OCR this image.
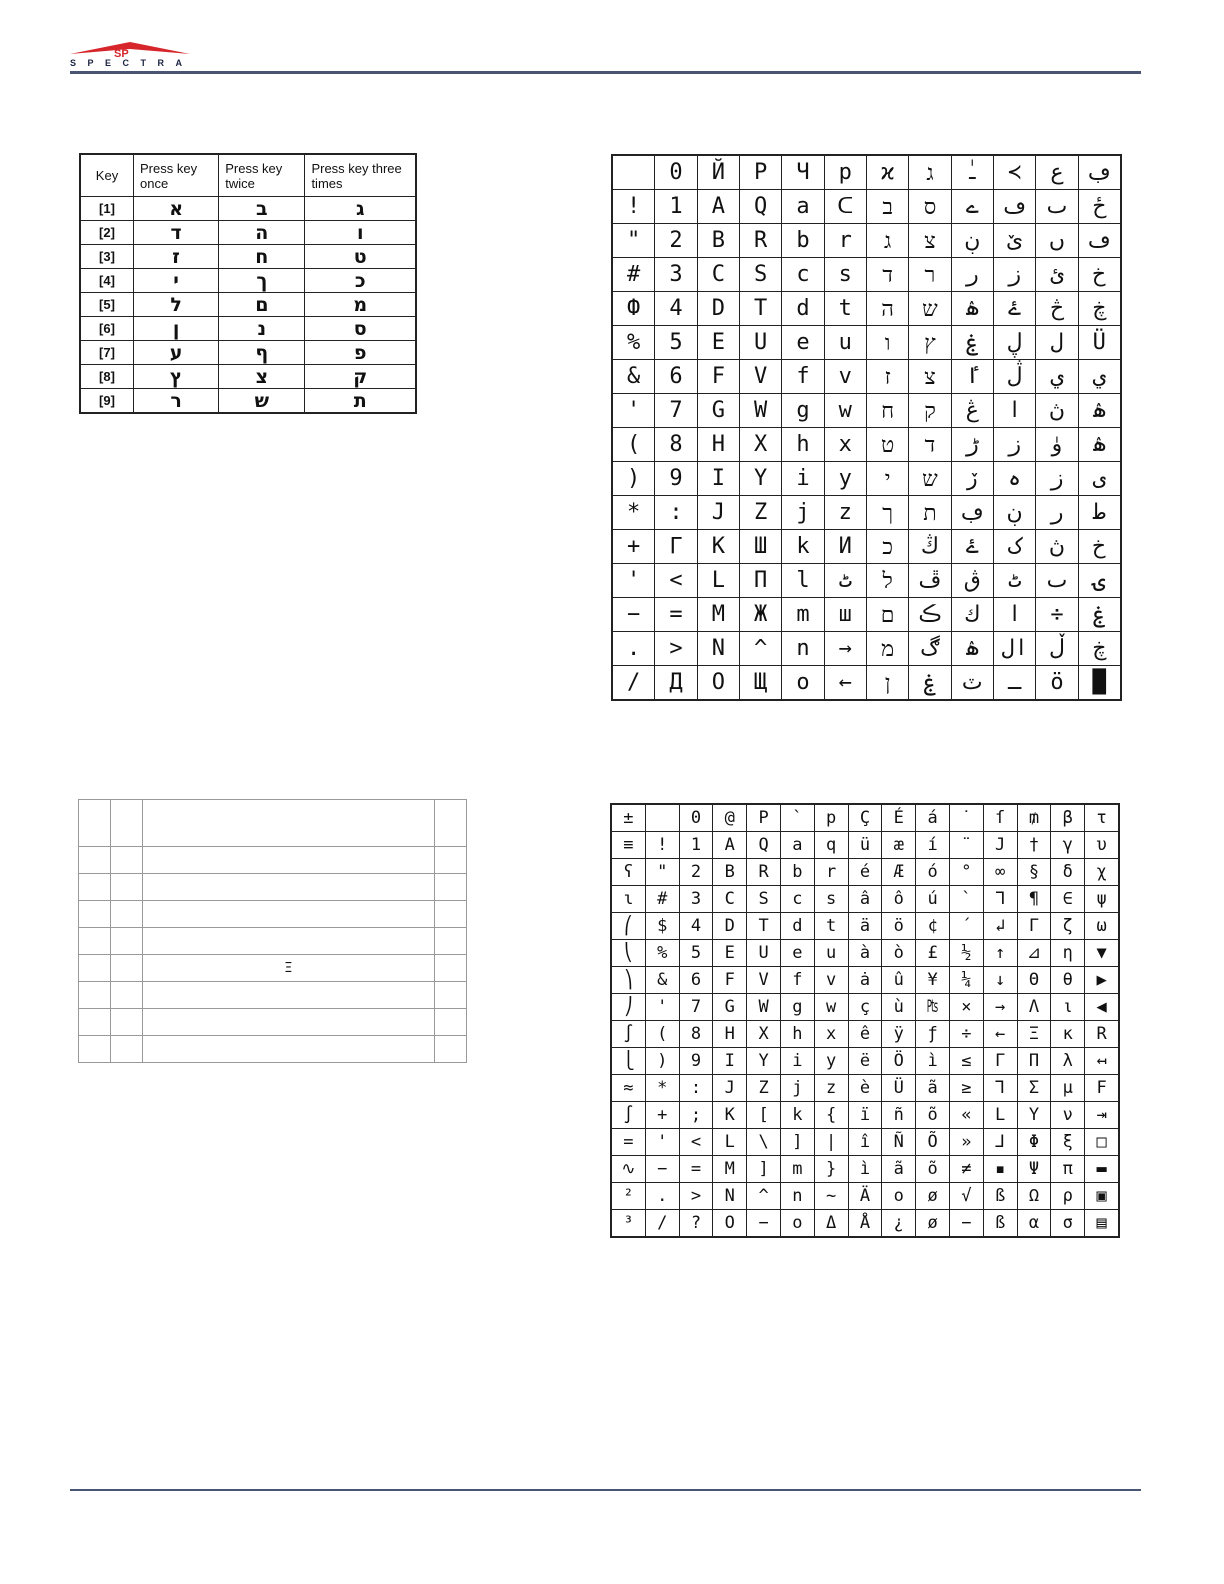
SP
SPECTRA
Key	Press key once	Press key twice	Press key three times
[1]	א	ב	ג
[2]	ד	ה	ו
[3]	ז	ח	ט
[4]	י	ך	כ
[5]	ל	ם	מ
[6]	ן	נ	ס
[7]	ע	ף	פ
[8]	ץ	צ	ק
[9]	ר	ש	ת

		Ξ	

	0	Й	P	Ч	p	ϰ	ג	ـٰ	≺	ع	ڢ
!	1	A	Q	a	ᑕ	ב	ס	ے	ڡ	ٮ	ځ
"	2	B	R	b	r	ג	צ	ڹ	ێ	ں	ڡ
#	3	C	S	c	s	ד	ר	ر	ز	ئ	خ
Ф	4	D	T	d	t	ה	ש	ۿ	ۓ	څ	ڿ
%	5	E	U	e	u	ו	ץ	ۼ	ڸ	ل	Ü
&	6	F	V	f	v	ז	צ	ٵ	ڷ	ي	ي
'	7	G	W	g	w	ח	ק	ڠ	ا	ڽ	ۿ
(	8	H	X	h	x	ט	ד	ڑ	ز	ۈ	ۿ
)	9	I	Y	i	y	י	ש	ڒ	ہ	ز	ى
*	:	J	Z	j	z	ך	ת	ڢ	ڹ	ر	ط
+	Γ	K	Ш	k	И	כ	ڭ	ۓ	ک	ڽ	خ
'	<	L	П	l	ٹ	ל	ڦ	ڨ	ٹ	ٮ	ۍ
−	=	M	Ж	m	ш	ם	ڪ	ك	ا	÷	ۼ
.	>	N	^	n	→	מ	ڰ	ۿ	ال	ڵ	ڿ
/	Д	O	Щ	o	←	ן	ۼ	ٽ	ـ	ö	█
±		0	@	P	`	p	Ç	É	á	˙	ſ	₥	β	τ
≡	!	1	A	Q	a	q	ü	æ	í	¨	J	†	γ	υ
ʕ	"	2	B	R	b	r	é	Æ	ó	°	∞	§	δ	χ
ɩ	#	3	C	S	c	s	â	ô	ú	`	ᒣ	¶	∈	ψ
⎛	$	4	D	T	d	t	ä	ö	¢	´	↲	Γ	ζ	ω
⎝	%	5	E	U	e	u	à	ò	£	½	↑	⊿	η	▼
⎞	&	6	F	V	f	v	ȧ	û	¥	¼	↓	Θ	θ	▶
⎠	'	7	G	W	g	w	ç	ù	₧	×	→	Λ	ι	◀
∫	(	8	H	X	h	x	ê	ÿ	ƒ	÷	←	Ξ	κ	R
⎩	)	9	I	Y	i	y	ë	Ö	ì	≤	Γ	Π	λ	↤
≈	*	:	J	Z	j	z	è	Ü	ã	≥	⅂	Σ	μ	F
∫	+	;	K	[	k	{	ï	ñ	õ	«	L	Υ	ν	⇥
=	'	<	L	\	]	|	î	Ñ	Õ	»	⅃	Φ	ξ	□
∿	−	=	M	]	m	}	ì	ã	õ	≠	▪	Ψ	π	▬
²	.	>	N	^	n	~	Ä	o	ø	√	ß	Ω	ρ	▣
³	/	?	O	−	o	Δ	Å	¿	ø	−	ß	α	σ	▤
